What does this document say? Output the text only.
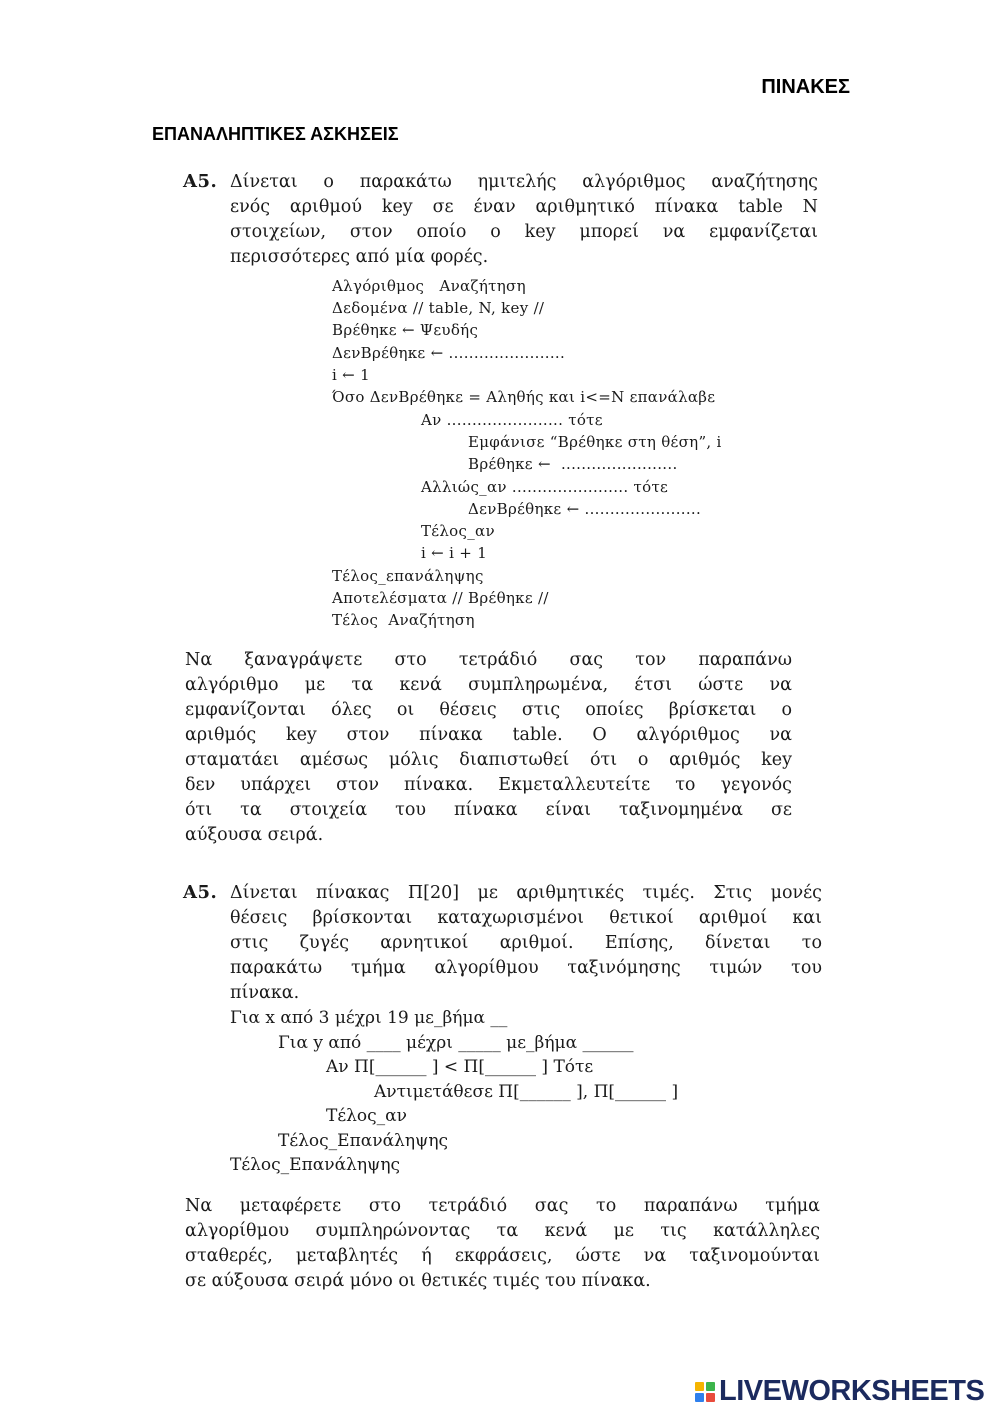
ΠΙΝΑΚΕΣ
ΕΠΑΝΑΛΗΠΤΙΚΕΣ ΑΣΚΗΣΕΙΣ
A5. Δίνεται ο παρακάτω ημιτελής αλγόριθμος αναζήτησης
ενός αριθμού key σε έναν αριθμητικό πίνακα table N
στοιχείων, στον οποίο ο key μπορεί να εμφανίζεται
περισσότερες από μία φορές.
Αλγόριθμος   Αναζήτηση
Δεδομένα // table, N, key //
Βρέθηκε ← Ψευδής
ΔενΒρέθηκε ← .......................
i ← 1
Όσο ΔενΒρέθηκε = Αληθής και i<=N επανάλαβε
Αν ....................... τότε
Εμφάνισε “Βρέθηκε στη θέση”, i
Βρέθηκε ←  .......................
Αλλιώς_αν ....................... τότε
ΔενΒρέθηκε ← .......................
Τέλος_αν
i ← i + 1
Τέλος_επανάληψης
Αποτελέσματα // Βρέθηκε //
Τέλος  Αναζήτηση
Να ξαναγράψετε στο τετράδιό σας τον παραπάνω
αλγόριθμο με τα κενά συμπληρωμένα, έτσι ώστε να
εμφανίζονται όλες οι θέσεις στις οποίες βρίσκεται ο
αριθμός key στον πίνακα table. Ο αλγόριθμος να
σταματάει αμέσως μόλις διαπιστωθεί ότι ο αριθμός key
δεν υπάρχει στον πίνακα. Εκμεταλλευτείτε το γεγονός
ότι τα στοιχεία του πίνακα είναι ταξινομημένα σε
αύξουσα σειρά.
A5. Δίνεται πίνακας Π[20] με αριθμητικές τιμές. Στις μονές
θέσεις βρίσκονται καταχωρισμένοι θετικοί αριθμοί και
στις ζυγές αρνητικοί αριθμοί. Επίσης, δίνεται το
παρακάτω τμήμα αλγορίθμου ταξινόμησης τιμών του
πίνακα.
Για x από 3 μέχρι 19 με_βήμα __
Για y από ____ μέχρι _____ με_βήμα ______
Αν Π[______ ] < Π[______ ] Τότε
Αντιμετάθεσε Π[______ ], Π[______ ]
Τέλος_αν
Τέλος_Επανάληψης
Τέλος_Επανάληψης
Να μεταφέρετε στο τετράδιό σας το παραπάνω τμήμα
αλγορίθμου συμπληρώνοντας τα κενά με τις κατάλληλες
σταθερές, μεταβλητές ή εκφράσεις, ώστε να ταξινομούνται
σε αύξουσα σειρά μόνο οι θετικές τιμές του πίνακα.
LIVEWORKSHEETS
